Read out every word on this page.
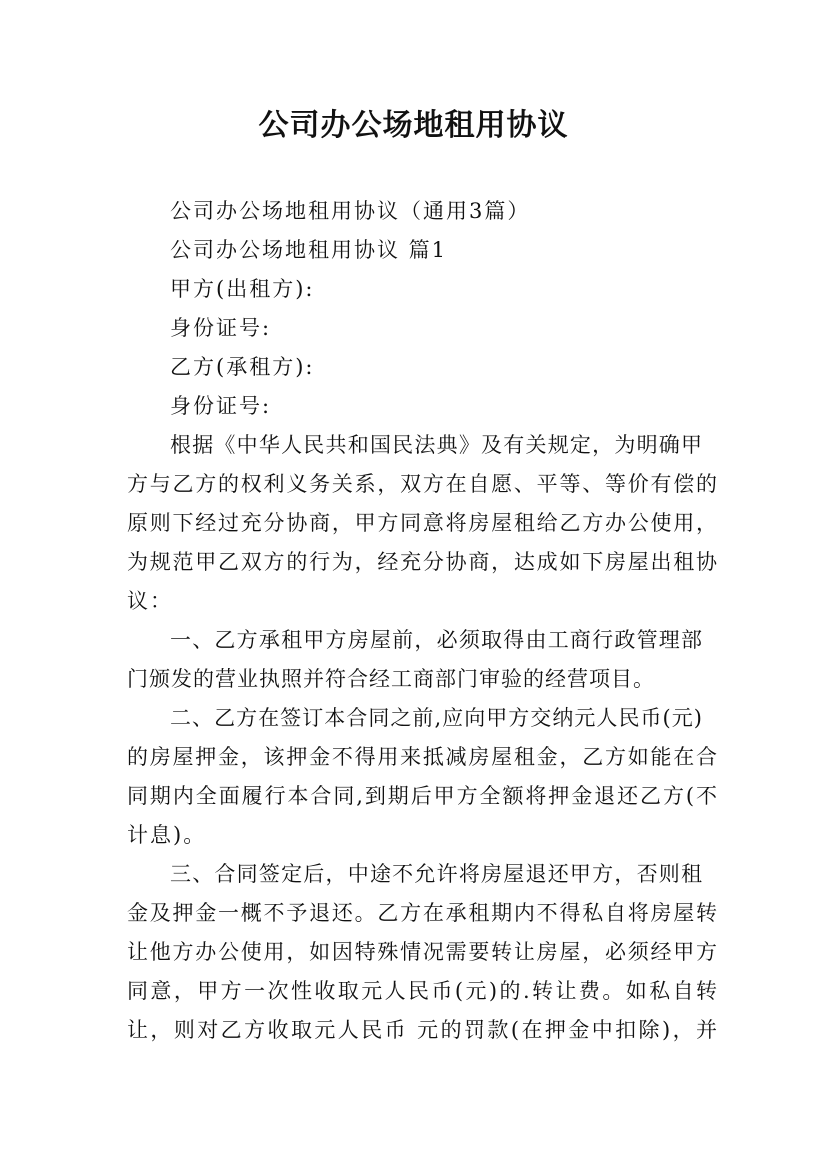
公司办公场地租用协议

公司办公场地租用协议（通用3篇）

公司办公场地租用协议 篇1

甲方(出租方):

身份证号:

乙方(承租方):

身份证号:

根据《中华人民共和国民法典》及有关规定，为明确甲

方与乙方的权利义务关系，双方在自愿、平等、等价有偿的

原则下经过充分协商，甲方同意将房屋租给乙方办公使用，

为规范甲乙双方的行为，经充分协商，达成如下房屋出租协

议：

一、乙方承租甲方房屋前，必须取得由工商行政管理部

门颁发的营业执照并符合经工商部门审验的经营项目。

二、乙方在签订本合同之前,应向甲方交纳元人民币(元)

的房屋押金，该押金不得用来抵减房屋租金，乙方如能在合

同期内全面履行本合同,到期后甲方全额将押金退还乙方(不

计息)。

三、合同签定后，中途不允许将房屋退还甲方，否则租

金及押金一概不予退还。乙方在承租期内不得私自将房屋转

让他方办公使用，如因特殊情况需要转让房屋，必须经甲方

同意，甲方一次性收取元人民币(元)的.转让费。如私自转

让，则对乙方收取元人民币 元的罚款(在押金中扣除)，并
